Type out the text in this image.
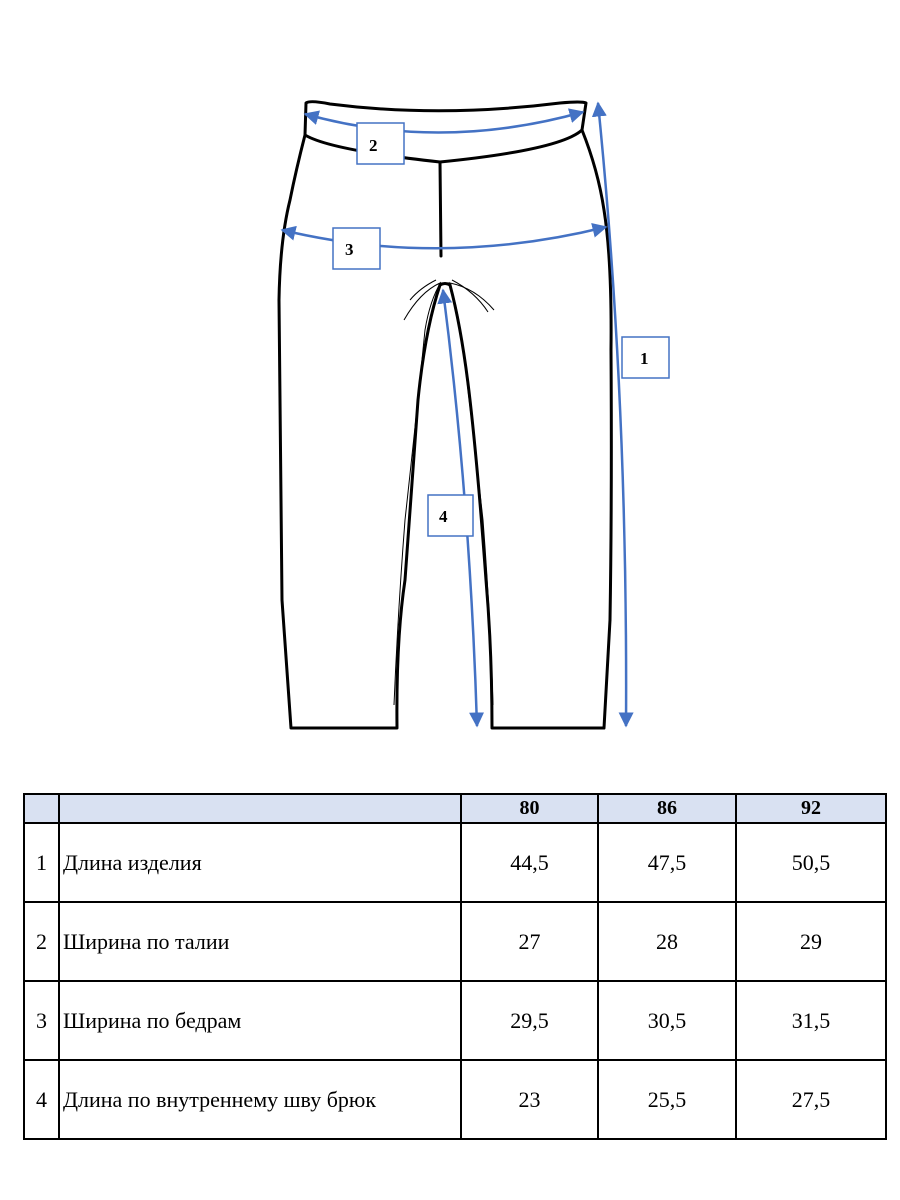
1
2
3
4
		80	86	92
1	Длина изделия	44,5	47,5	50,5
2	Ширина по талии	27	28	29
3	Ширина по бедрам	29,5	30,5	31,5
4	Длина по внутреннему шву брюк	23	25,5	27,5
